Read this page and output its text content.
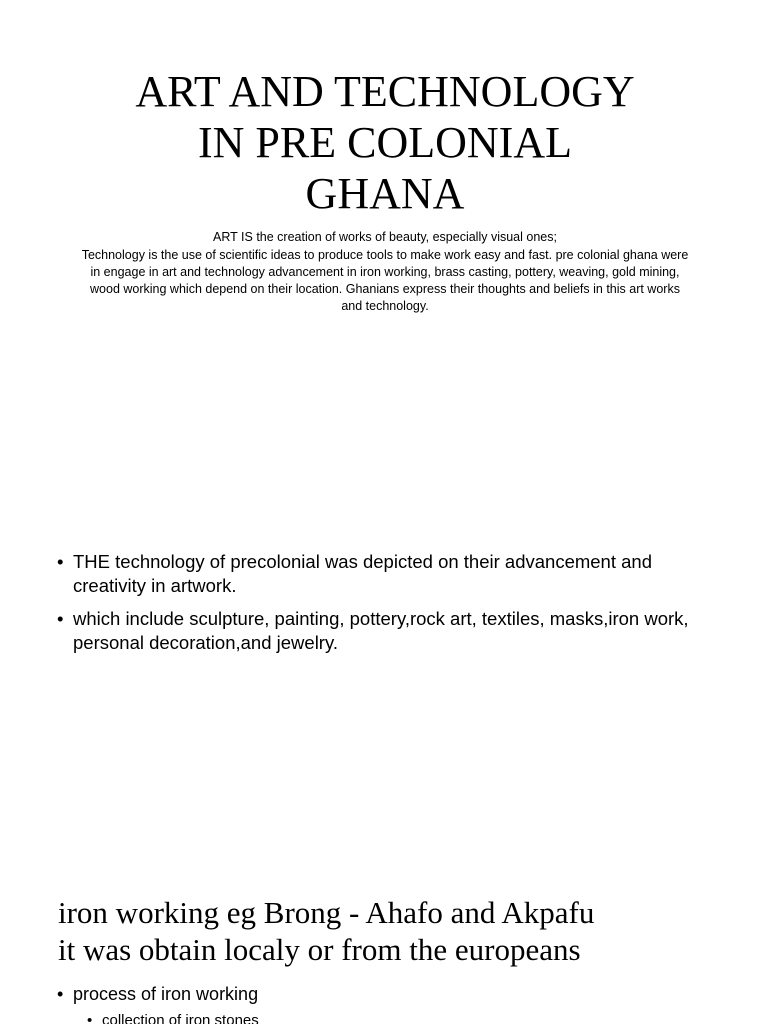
ART AND TECHNOLOGY
IN PRE COLONIAL
GHANA

ART IS the creation of works of beauty, especially visual ones;

Technology is the use of scientific ideas to produce tools to make work easy and fast. pre colonial ghana were in engage in art and technology advancement in iron working, brass casting, pottery, weaving, gold mining, wood working which depend on their location. Ghanians express their thoughts and beliefs in this art works and technology.

• THE technology of precolonial was depicted on their advancement and creativity in artwork.
• which include sculpture, painting, pottery,rock art, textiles, masks,iron work, personal decoration,and jewelry.
iron working eg Brong - Ahafo and Akpafu
it was obtain localy or from the europeans
• process of iron working
• collection of iron stones
